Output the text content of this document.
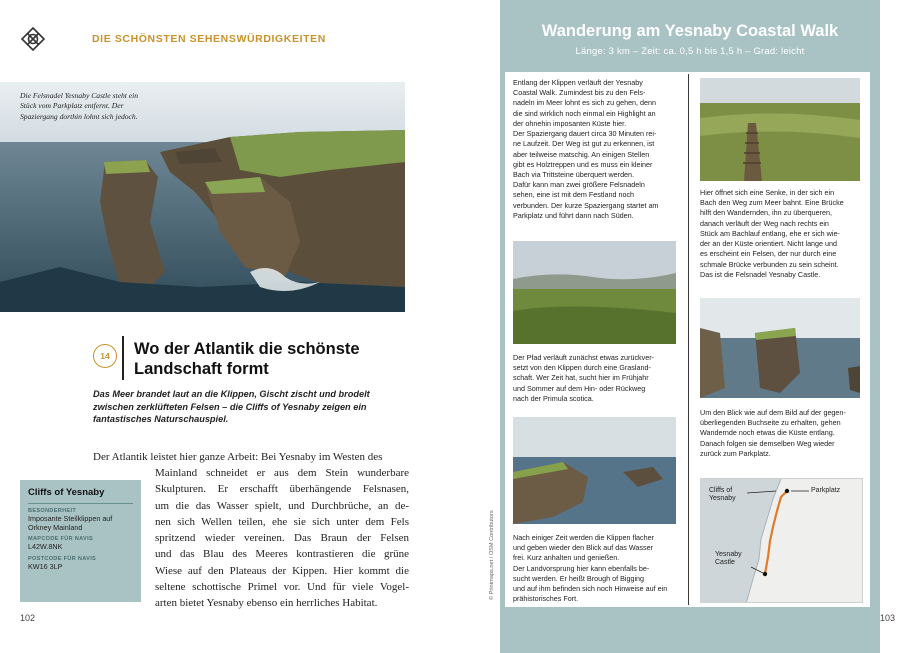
DIE SCHÖNSTEN SEHENSWÜRDIGKEITEN
Die Felsnadel Yesnaby Castle steht ein
Stück vom Parkplatz entfernt. Der
Spaziergang dorthin lohnt sich jedoch.
14	Wo der Atlantik die schönste
Landschaft formt
Das Meer brandet laut an die Klippen, Gischt zischt und brodelt
zwischen zerklüfteten Felsen – die Cliffs of Yesnaby zeigen ein
fantastisches Naturschauspiel.
Der Atlantik leistet hier ganze Arbeit: Bei Yesnaby im Westen des
Mainland schneidet er aus dem Stein wunderbare
Skulpturen. Er erschafft überhängende Felsnasen,
um die das Wasser spielt, und Durchbrüche, an de-
nen sich Wellen teilen, ehe sie sich unter dem Fels
spritzend wieder vereinen. Das Braun der Felsen
und das Blau des Meeres kontrastieren die grüne
Wiese auf den Plateaus der Kippen. Hier kommt die
seltene schottische Primel vor. Und für viele Vogel-
arten bietet Yesnaby ebenso ein herrliches Habitat.
Cliffs of Yesnaby
BESONDERHEIT
Imposante Steilklippen auf
Orkney Mainland
MAPCODE FÜR NAVIS
L42W.8NK
POSTCODE FÜR NAVIS
KW16 3LP
102
Wanderung am Yesnaby Coastal Walk
Länge: 3 km – Zeit: ca. 0,5 h bis 1,5 h – Grad: leicht
Entlang der Klippen verläuft der Yesnaby
Coastal Walk. Zumindest bis zu den Fels-
nadeln im Meer lohnt es sich zu gehen, denn
die sind wirklich noch einmal ein Highlight an
der ohnehin imposanten Küste hier.
Der Spaziergang dauert circa 30 Minuten rei-
ne Laufzeit. Der Weg ist gut zu erkennen, ist
aber teilweise matschig. An einigen Stellen
gibt es Holztreppen und es muss ein kleiner
Bach via Trittsteine überquert werden.
Dafür kann man zwei größere Felsnadeln
sehen, eine ist mit dem Festland noch
verbunden. Der kurze Spaziergang startet am
Parkplatz und führt dann nach Süden.
Der Pfad verläuft zunächst etwas zurückver-
setzt von den Klippen durch eine Grasland-
schaft. Wer Zeit hat, sucht hier im Frühjahr
und Sommer auf dem Hin- oder Rückweg
nach der Primula scotica.
Nach einiger Zeit werden die Klippen flacher
und geben wieder den Blick auf das Wasser
frei. Kurz anhalten und genießen.
Der Landvorsprung hier kann ebenfalls be-
sucht werden. Er heißt Brough of Bigging
und auf ihm befinden sich noch Hinweise auf ein
prähistorisches Fort.
Hier öffnet sich eine Senke, in der sich ein
Bach den Weg zum Meer bahnt. Eine Brücke
hilft den Wandernden, ihn zu überqueren,
danach verläuft der Weg nach rechts ein
Stück am Bachlauf entlang, ehe er sich wie-
der an der Küste orientiert. Nicht lange und
es erscheint ein Felsen, der nur durch eine
schmale Brücke verbunden zu sein scheint.
Das ist die Felsnadel Yesnaby Castle.
Um den Blick wie auf dem Bild auf der gegen-
überliegenden Buchseite zu erhalten, gehen
Wandernde noch etwas die Küste entlang.
Danach folgen sie demselben Weg wieder
zurück zum Parkplatz.
© Printmaps.net / OSM Contributors
Cliffs of
Yesnaby
Parkplatz
Yesnaby
Castle
103
